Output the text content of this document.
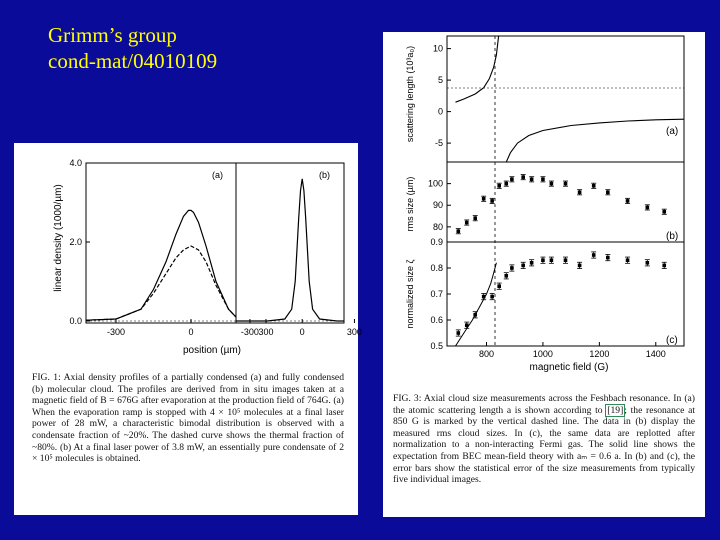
Grimm’s group
cond-mat/04010109
linear density (1000/µm)
position (µm)
(a)	(b)
0.0
2.0
4.0
-300	0	300
-300	0	300
FIG. 1: Axial density profiles of a partially condensed (a) and fully condensed (b) molecular cloud. The profiles are derived from in situ images taken at a magnetic field of B = 676G after evaporation at the production field of 764G. (a) When the evaporation ramp is stopped with 4 × 10⁵ molecules at a final laser power of 28 mW, a characteristic bimodal distribution is observed with a condensate fraction of ~20%. The dashed curve shows the thermal fraction of ~80%. (b) At a final laser power of 3.8 mW, an essentially pure condensate of 2 × 10⁵ molecules is obtained.
scattering length (10³a₀)
rms size (µm)
normalized size ζ
magnetic field (G)
(a)
(b)
(c)
10
5
0
-5
100
90
80
0.9
0.8
0.7
0.6
0.5
800	1000	1200	1400
FIG. 3: Axial cloud size measurements across the Feshbach resonance. In (a) the atomic scattering length a is shown according to [19]; the resonance at 850 G is marked by the vertical dashed line. The data in (b) display the measured rms cloud sizes. In (c), the same data are replotted after normalization to a non-interacting Fermi gas. The solid line shows the expectation from BEC mean-field theory with aₘ = 0.6 a. In (b) and (c), the error bars show the statistical error of the size measurements from typically five individual images.
